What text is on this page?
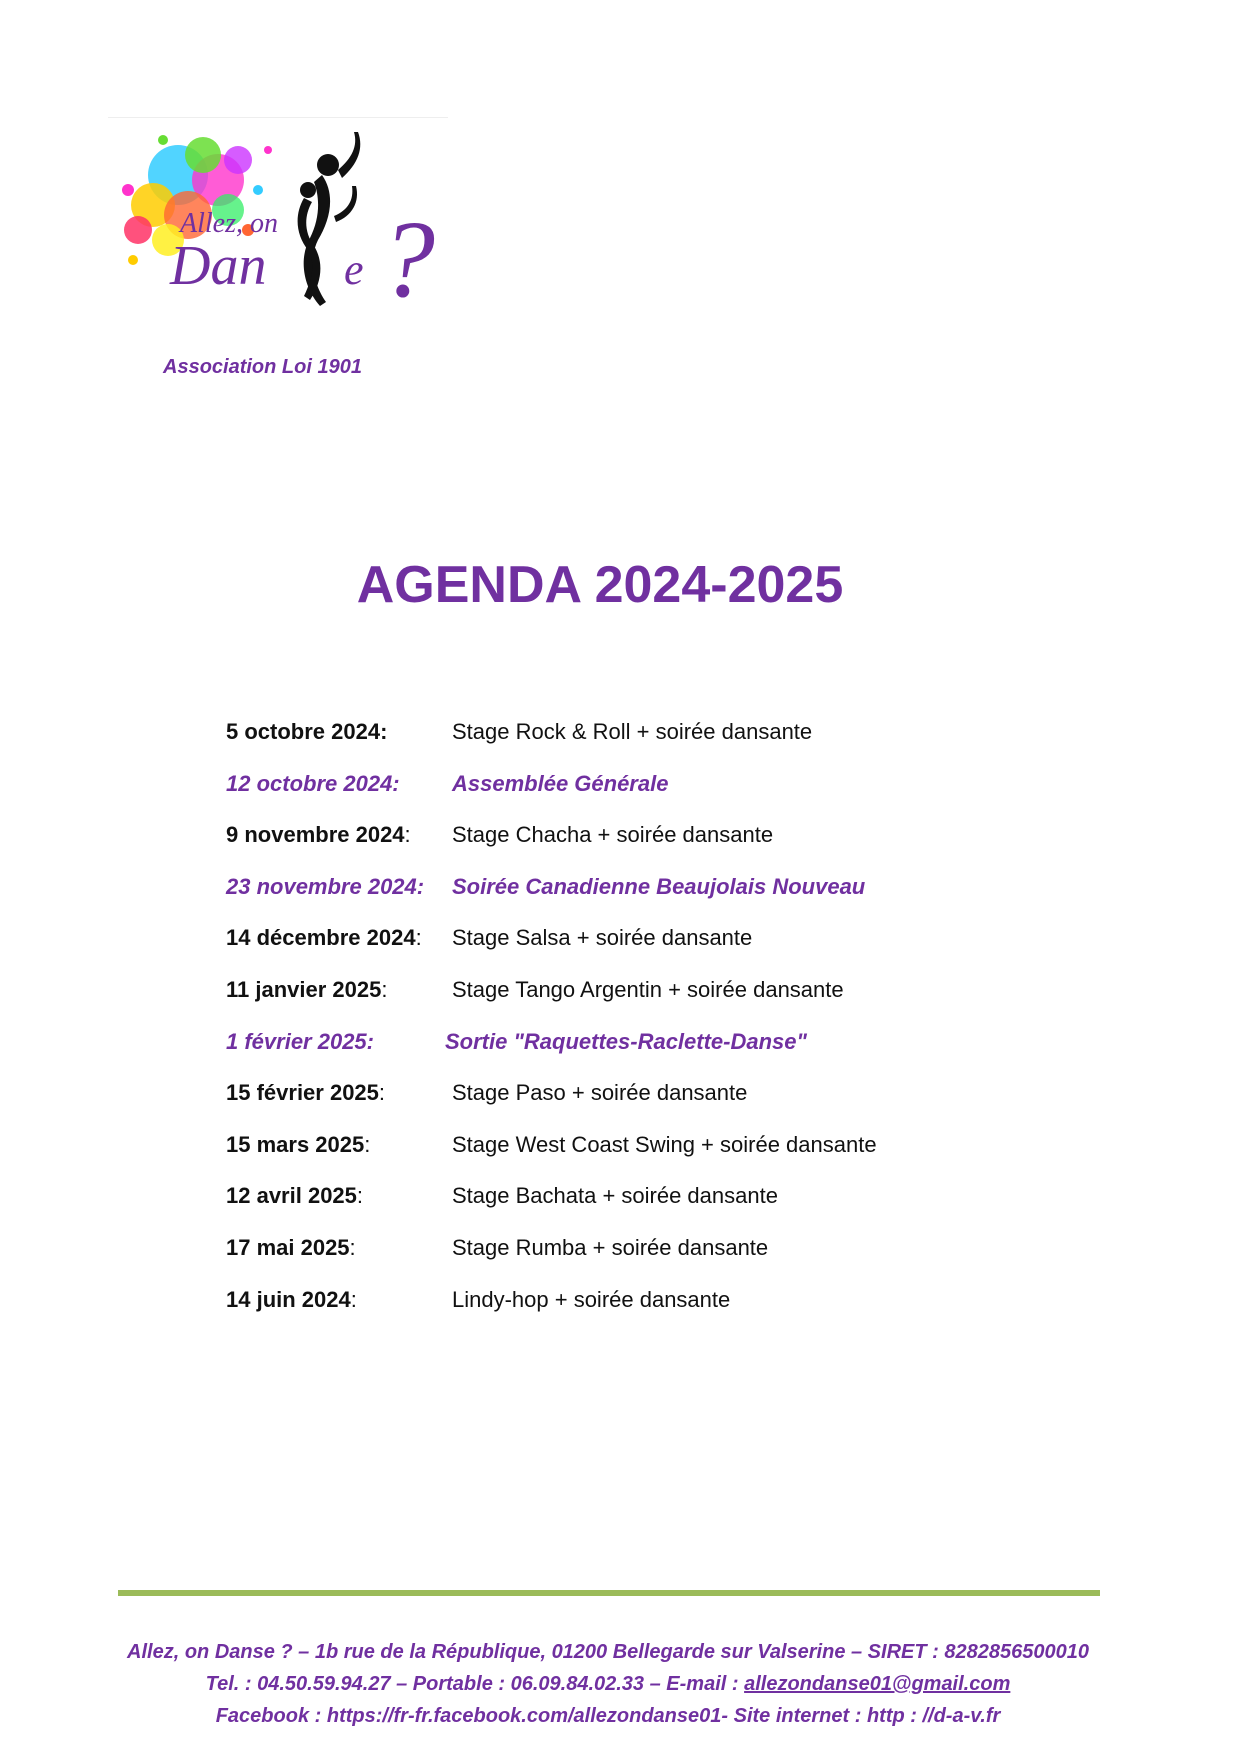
Allez, on
Dan e ?
Association Loi 1901
AGENDA 2024-2025
5 octobre 2024:	Stage Rock & Roll + soirée dansante
12 octobre 2024: Assemblée Générale
9 novembre 2024: Stage Chacha + soirée dansante
23 novembre 2024: Soirée Canadienne Beaujolais Nouveau
14 décembre 2024: Stage Salsa + soirée dansante
11 janvier 2025:	Stage Tango Argentin + soirée dansante
1 février 2025:	Sortie "Raquettes-Raclette-Danse"
15 février 2025:	Stage Paso + soirée dansante
15 mars 2025:	Stage West Coast Swing + soirée dansante
12 avril 2025:	Stage Bachata + soirée dansante
17 mai 2025:	Stage Rumba + soirée dansante
14 juin 2024:	Lindy-hop + soirée dansante
Allez, on Danse ? – 1b rue de la République, 01200 Bellegarde sur Valserine – SIRET : 8282856500010
Tel. : 04.50.59.94.27 – Portable : 06.09.84.02.33 – E-mail : allezondanse01@gmail.com
Facebook : https://fr-fr.facebook.com/allezondanse01- Site internet : http : //d-a-v.fr
